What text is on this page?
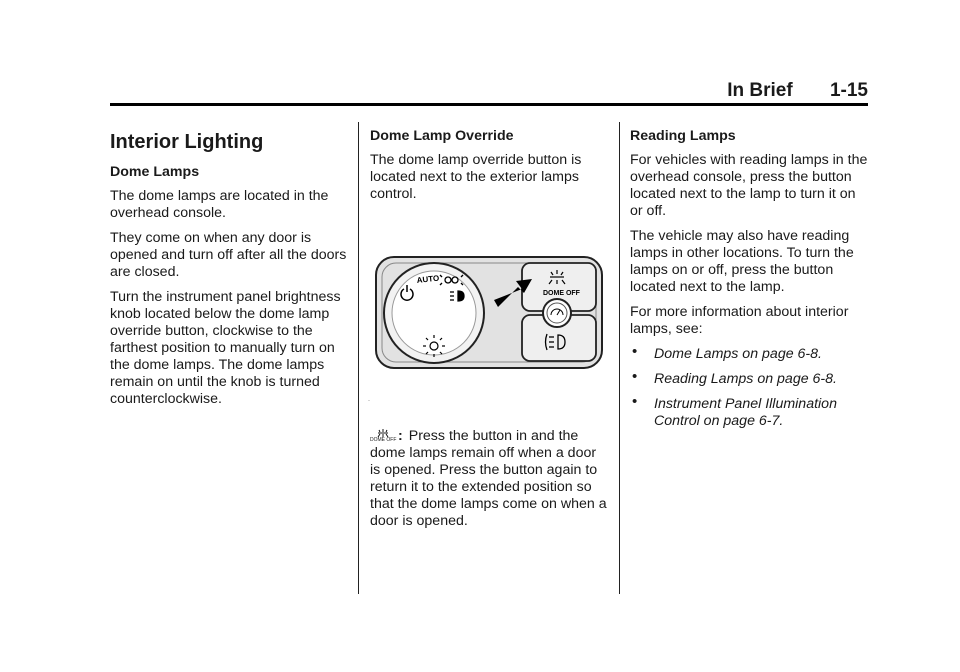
In Brief 1-15
Interior Lighting
Dome Lamps

The dome lamps are located in the overhead console.

They come on when any door is opened and turn off after all the doors are closed.

Turn the instrument panel brightness knob located below the dome lamp override button, clockwise to the farthest position to manually turn on the dome lamps. The dome lamps remain on until the knob is turned counterclockwise.

Dome Lamp Override

The dome lamp override button is located next to the exterior lamps control.

AUTO
DOME OFF
·
DOME OFF : Press the button in and the dome lamps remain off when a door is opened. Press the button again to return it to the extended position so that the dome lamps come on when a door is opened.
Reading Lamps

For vehicles with reading lamps in the overhead console, press the button located next to the lamp to turn it on or off.

The vehicle may also have reading lamps in other locations. To turn the lamps on or off, press the button located next to the lamp.

For more information about interior lamps, see:

• Dome Lamps on page 6-8.
• Reading Lamps on page 6-8.
• Instrument Panel Illumination Control on page 6-7.
